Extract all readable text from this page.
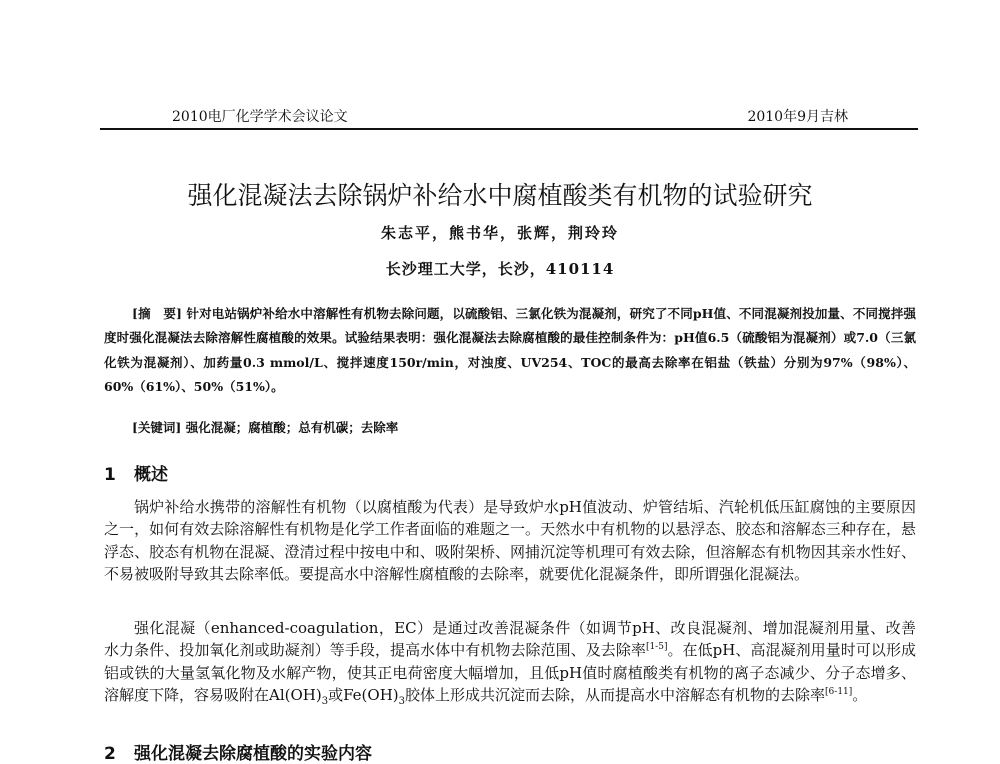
2010电厂化学学术会议论文	2010年9月吉林
强化混凝法去除锅炉补给水中腐植酸类有机物的试验研究
朱志平，熊书华，张辉，荆玲玲
长沙理工大学，长沙，410114
[摘　要] 针对电站锅炉补给水中溶解性有机物去除问题，以硫酸铝、三氯化铁为混凝剂，研究了不同pH值、不同混凝剂投加量、不同搅拌强度时强化混凝法去除溶解性腐植酸的效果。试验结果表明：强化混凝法去除腐植酸的最佳控制条件为：pH值6.5（硫酸铝为混凝剂）或7.0（三氯化铁为混凝剂）、加药量0.3 mmol/L、搅拌速度150r/min，对浊度、UV254、TOC的最高去除率在铝盐（铁盐）分别为97%（98%）、60%（61%）、50%（51%）。
[关键词] 强化混凝；腐植酸；总有机碳；去除率
1 概述

锅炉补给水携带的溶解性有机物（以腐植酸为代表）是导致炉水pH值波动、炉管结垢、汽轮机低压缸腐蚀的主要原因之一，如何有效去除溶解性有机物是化学工作者面临的难题之一。天然水中有机物的以悬浮态、胶态和溶解态三种存在，悬浮态、胶态有机物在混凝、澄清过程中按电中和、吸附架桥、网捕沉淀等机理可有效去除，但溶解态有机物因其亲水性好、不易被吸附导致其去除率低。要提高水中溶解性腐植酸的去除率，就要优化混凝条件，即所谓强化混凝法。

强化混凝（enhanced-coagulation，EC）是通过改善混凝条件（如调节pH、改良混凝剂、增加混凝剂用量、改善水力条件、投加氧化剂或助凝剂）等手段，提高水体中有机物去除范围、及去除率[1-5]。在低pH、高混凝剂用量时可以形成铝或铁的大量氢氧化物及水解产物，使其正电荷密度大幅增加，且低pH值时腐植酸类有机物的离子态减少、分子态增多、溶解度下降，容易吸附在$Al(OH)_3$或$Fe(OH)_3$胶体上形成共沉淀而去除，从而提高水中溶解态有机物的去除率[6-11]。

2 强化混凝去除腐植酸的实验内容
